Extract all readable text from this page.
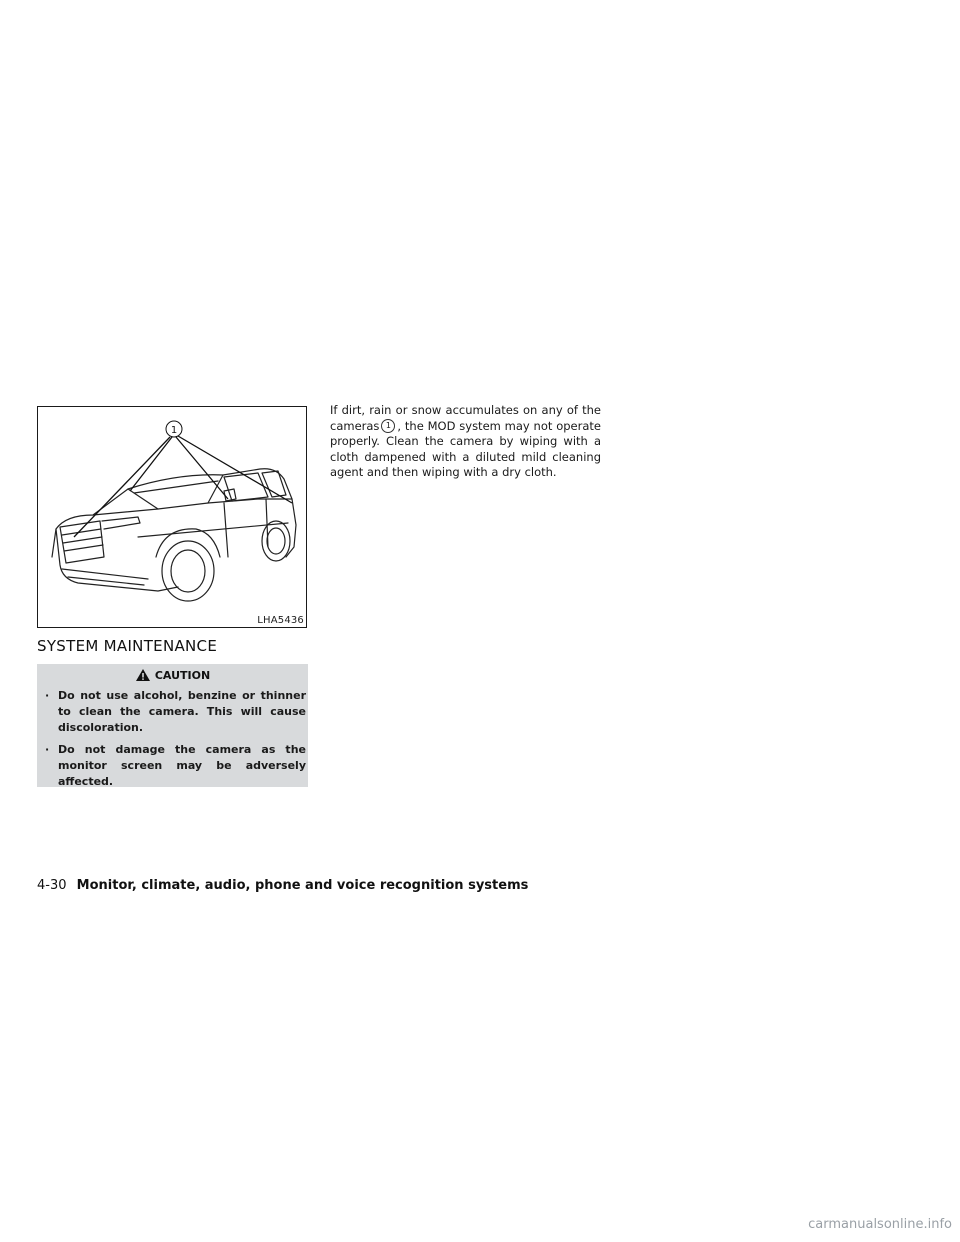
1
LHA5436
SYSTEM MAINTENANCE
CAUTION
· Do not use alcohol, benzine or thinner to clean the camera. This will cause discoloration.
· Do not damage the camera as the monitor screen may be adversely affected.

If dirt, rain or snow accumulates on any of the cameras 1 , the MOD system may not operate properly. Clean the camera by wiping with a cloth dampened with a diluted mild cleaning agent and then wiping with a dry cloth.

4-30 Monitor, climate, audio, phone and voice recognition systems
carmanualsonline.info
